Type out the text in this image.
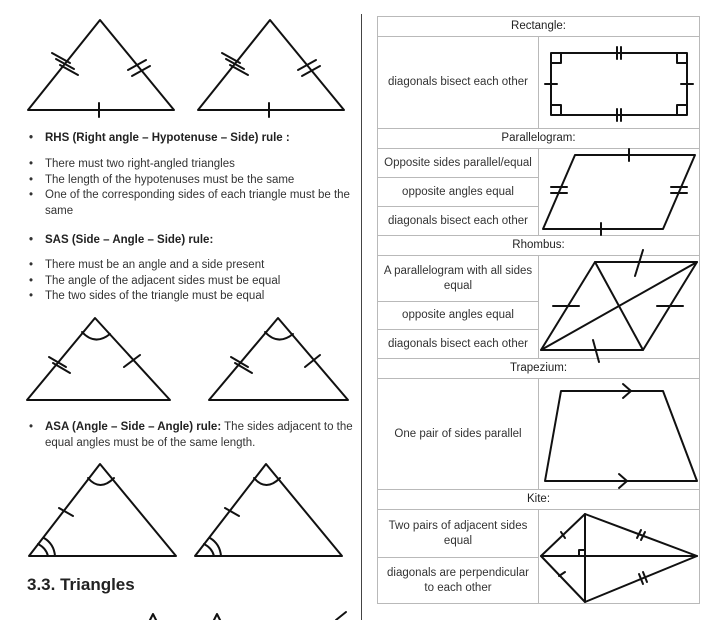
• RHS (Right angle – Hypotenuse – Side) rule :
• There must two right-angled triangles
• The length of the hypotenuses must be the same
• One of the corresponding sides of each triangle must be the same
• SAS (Side – Angle – Side) rule:
• There must be an angle and a side present
• The angle of the adjacent sides must be equal
• The two sides of the triangle must be equal
• ASA (Angle – Side – Angle) rule: The sides adjacent to the equal angles must be of the same length.
3.3. Triangles
Rectangle:	
diagonals bisect each other	

Parallelogram:	
Opposite sides parallel/equal	

opposite angles equal	
diagonals bisect each other	
Rhombus:	
A parallelogram with all sides equal	

opposite angles equal	
diagonals bisect each other	
Trapezium:	
One pair of sides parallel	

Kite:	
Two pairs of adjacent sides equal	

diagonals are perpendicular to each other	
